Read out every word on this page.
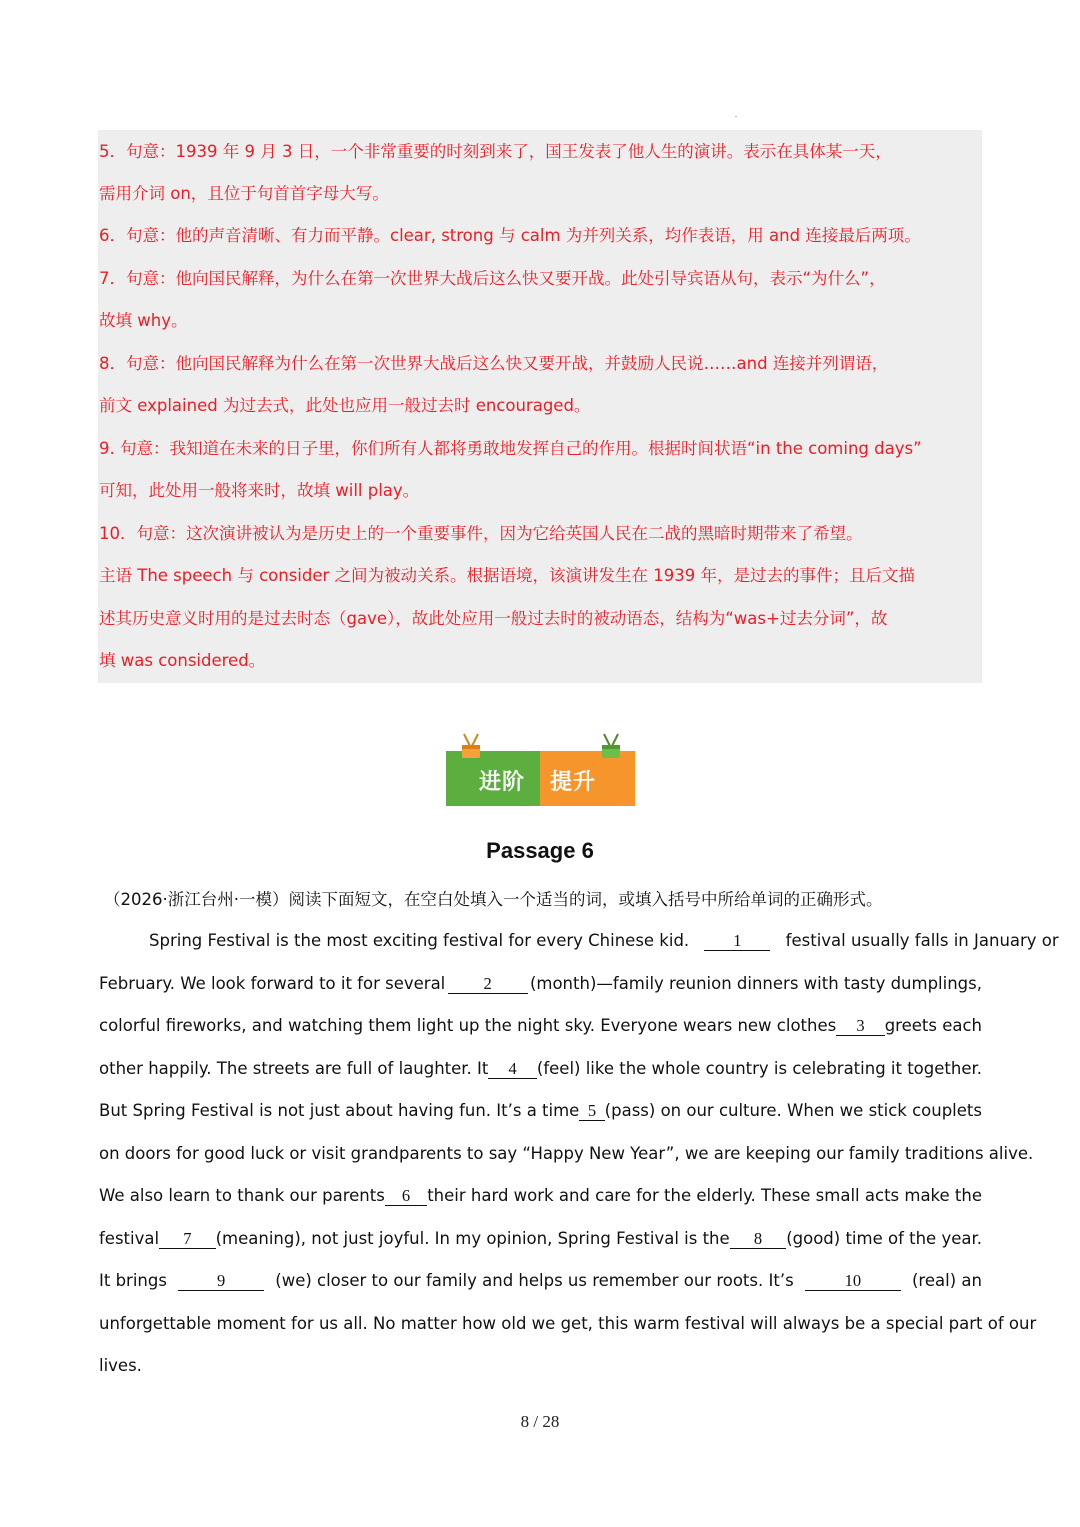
5．句意：1939 年 9 月 3 日，一个非常重要的时刻到来了，国王发表了他人生的演讲。表示在具体某一天，

需用介词 on，且位于句首首字母大写。

6．句意：他的声音清晰、有力而平静。clear, strong 与 calm 为并列关系，均作表语，用 and 连接最后两项。

7．句意：他向国民解释，为什么在第一次世界大战后这么快又要开战。此处引导宾语从句，表示“为什么”，

故填 why。

8．句意：他向国民解释为什么在第一次世界大战后这么快又要开战，并鼓励人民说……and 连接并列谓语，

前文 explained 为过去式，此处也应用一般过去时 encouraged。

9. 句意：我知道在未来的日子里，你们所有人都将勇敢地发挥自己的作用。根据时间状语“in the coming days”

可知，此处用一般将来时，故填 will play。

10．句意：这次演讲被认为是历史上的一个重要事件，因为它给英国人民在二战的黑暗时期带来了希望。

主语 The speech 与 consider 之间为被动关系。根据语境，该演讲发生在 1939 年，是过去的事件；且后文描

述其历史意义时用的是过去时态（gave），故此处应用一般过去时的被动语态，结构为“was+过去分词”，故

填 was considered。

进阶 提升
Passage 6
（2026·浙江台州·一模）阅读下面短文，在空白处填入一个适当的词，或填入括号中所给单词的正确形式。
Spring Festival is the most exciting festival for every Chinese kid.	1	festival usually falls in January or
February. We look forward to it for several	2	(month)—family reunion dinners with tasty dumplings,
colorful fireworks, and watching them light up the night sky. Everyone wears new clothes	3	greets each
other happily. The streets are full of laughter. It	4	(feel) like the whole country is celebrating it together.
But Spring Festival is not just about having fun. It’s a time 5 (pass) on our culture. When we stick couplets
on doors for good luck or visit grandparents to say “Happy New Year”, we are keeping our family traditions alive.
We also learn to thank our parents	6	their hard work and care for the elderly. These small acts make the
festival	7	(meaning), not just joyful. In my opinion, Spring Festival is the	8	(good) time of the year.
It brings	9	(we) closer to our family and helps us remember our roots. It’s	10	(real) an
unforgettable moment for us all. No matter how old we get, this warm festival will always be a special part of our
lives.
8 / 28
